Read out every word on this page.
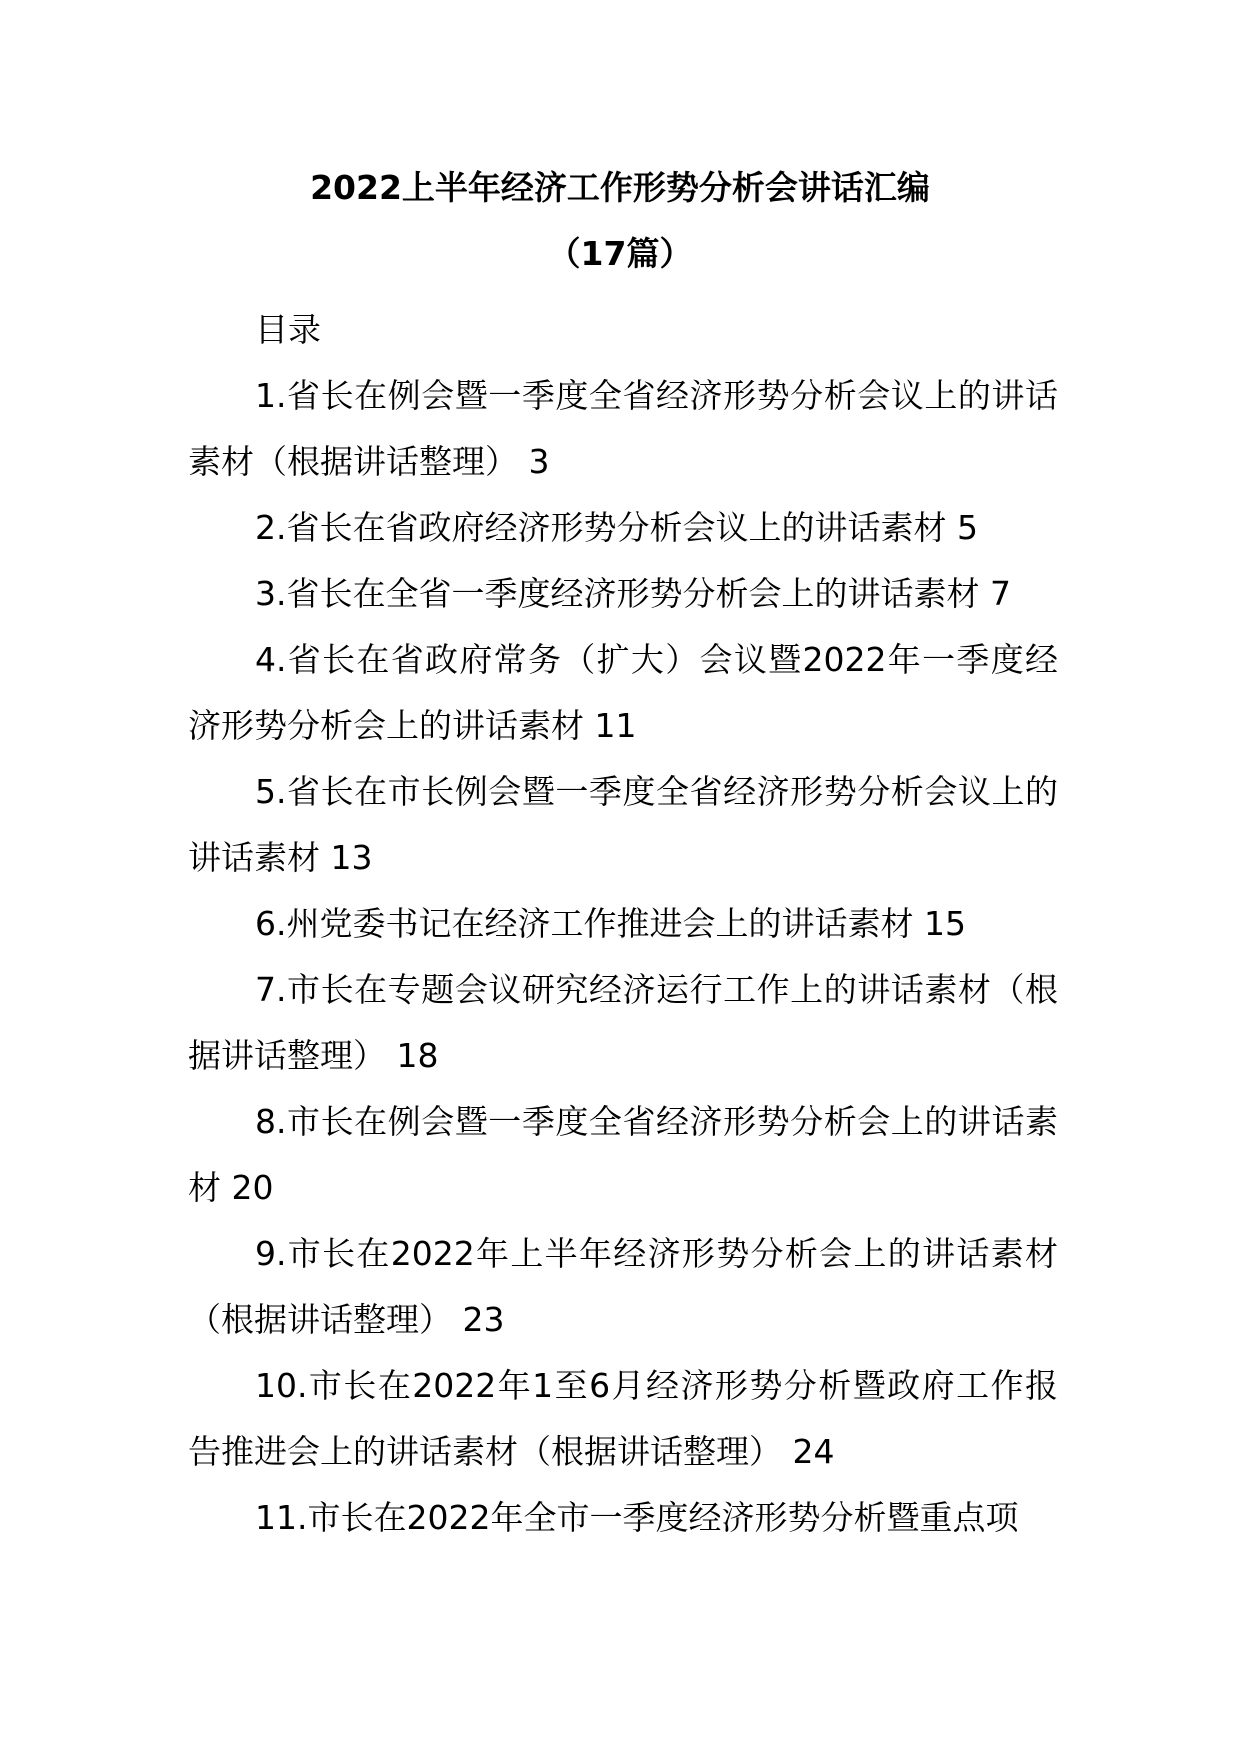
2022上半年经济工作形势分析会讲话汇编
（17篇）

目录

1.省长在例会暨一季度全省经济形势分析会议上的讲话素材（根据讲话整理） 3

2.省长在省政府经济形势分析会议上的讲话素材 5

3.省长在全省一季度经济形势分析会上的讲话素材 7

4.省长在省政府常务（扩大）会议暨2022年一季度经济形势分析会上的讲话素材 11

5.省长在市长例会暨一季度全省经济形势分析会议上的讲话素材 13

6.州党委书记在经济工作推进会上的讲话素材 15

7.市长在专题会议研究经济运行工作上的讲话素材（根据讲话整理） 18

8.市长在例会暨一季度全省经济形势分析会上的讲话素材 20

9.市长在2022年上半年经济形势分析会上的讲话素材（根据讲话整理） 23

10.市长在2022年1至6月经济形势分析暨政府工作报告推进会上的讲话素材（根据讲话整理） 24

11.市长在2022年全市一季度经济形势分析暨重点项
